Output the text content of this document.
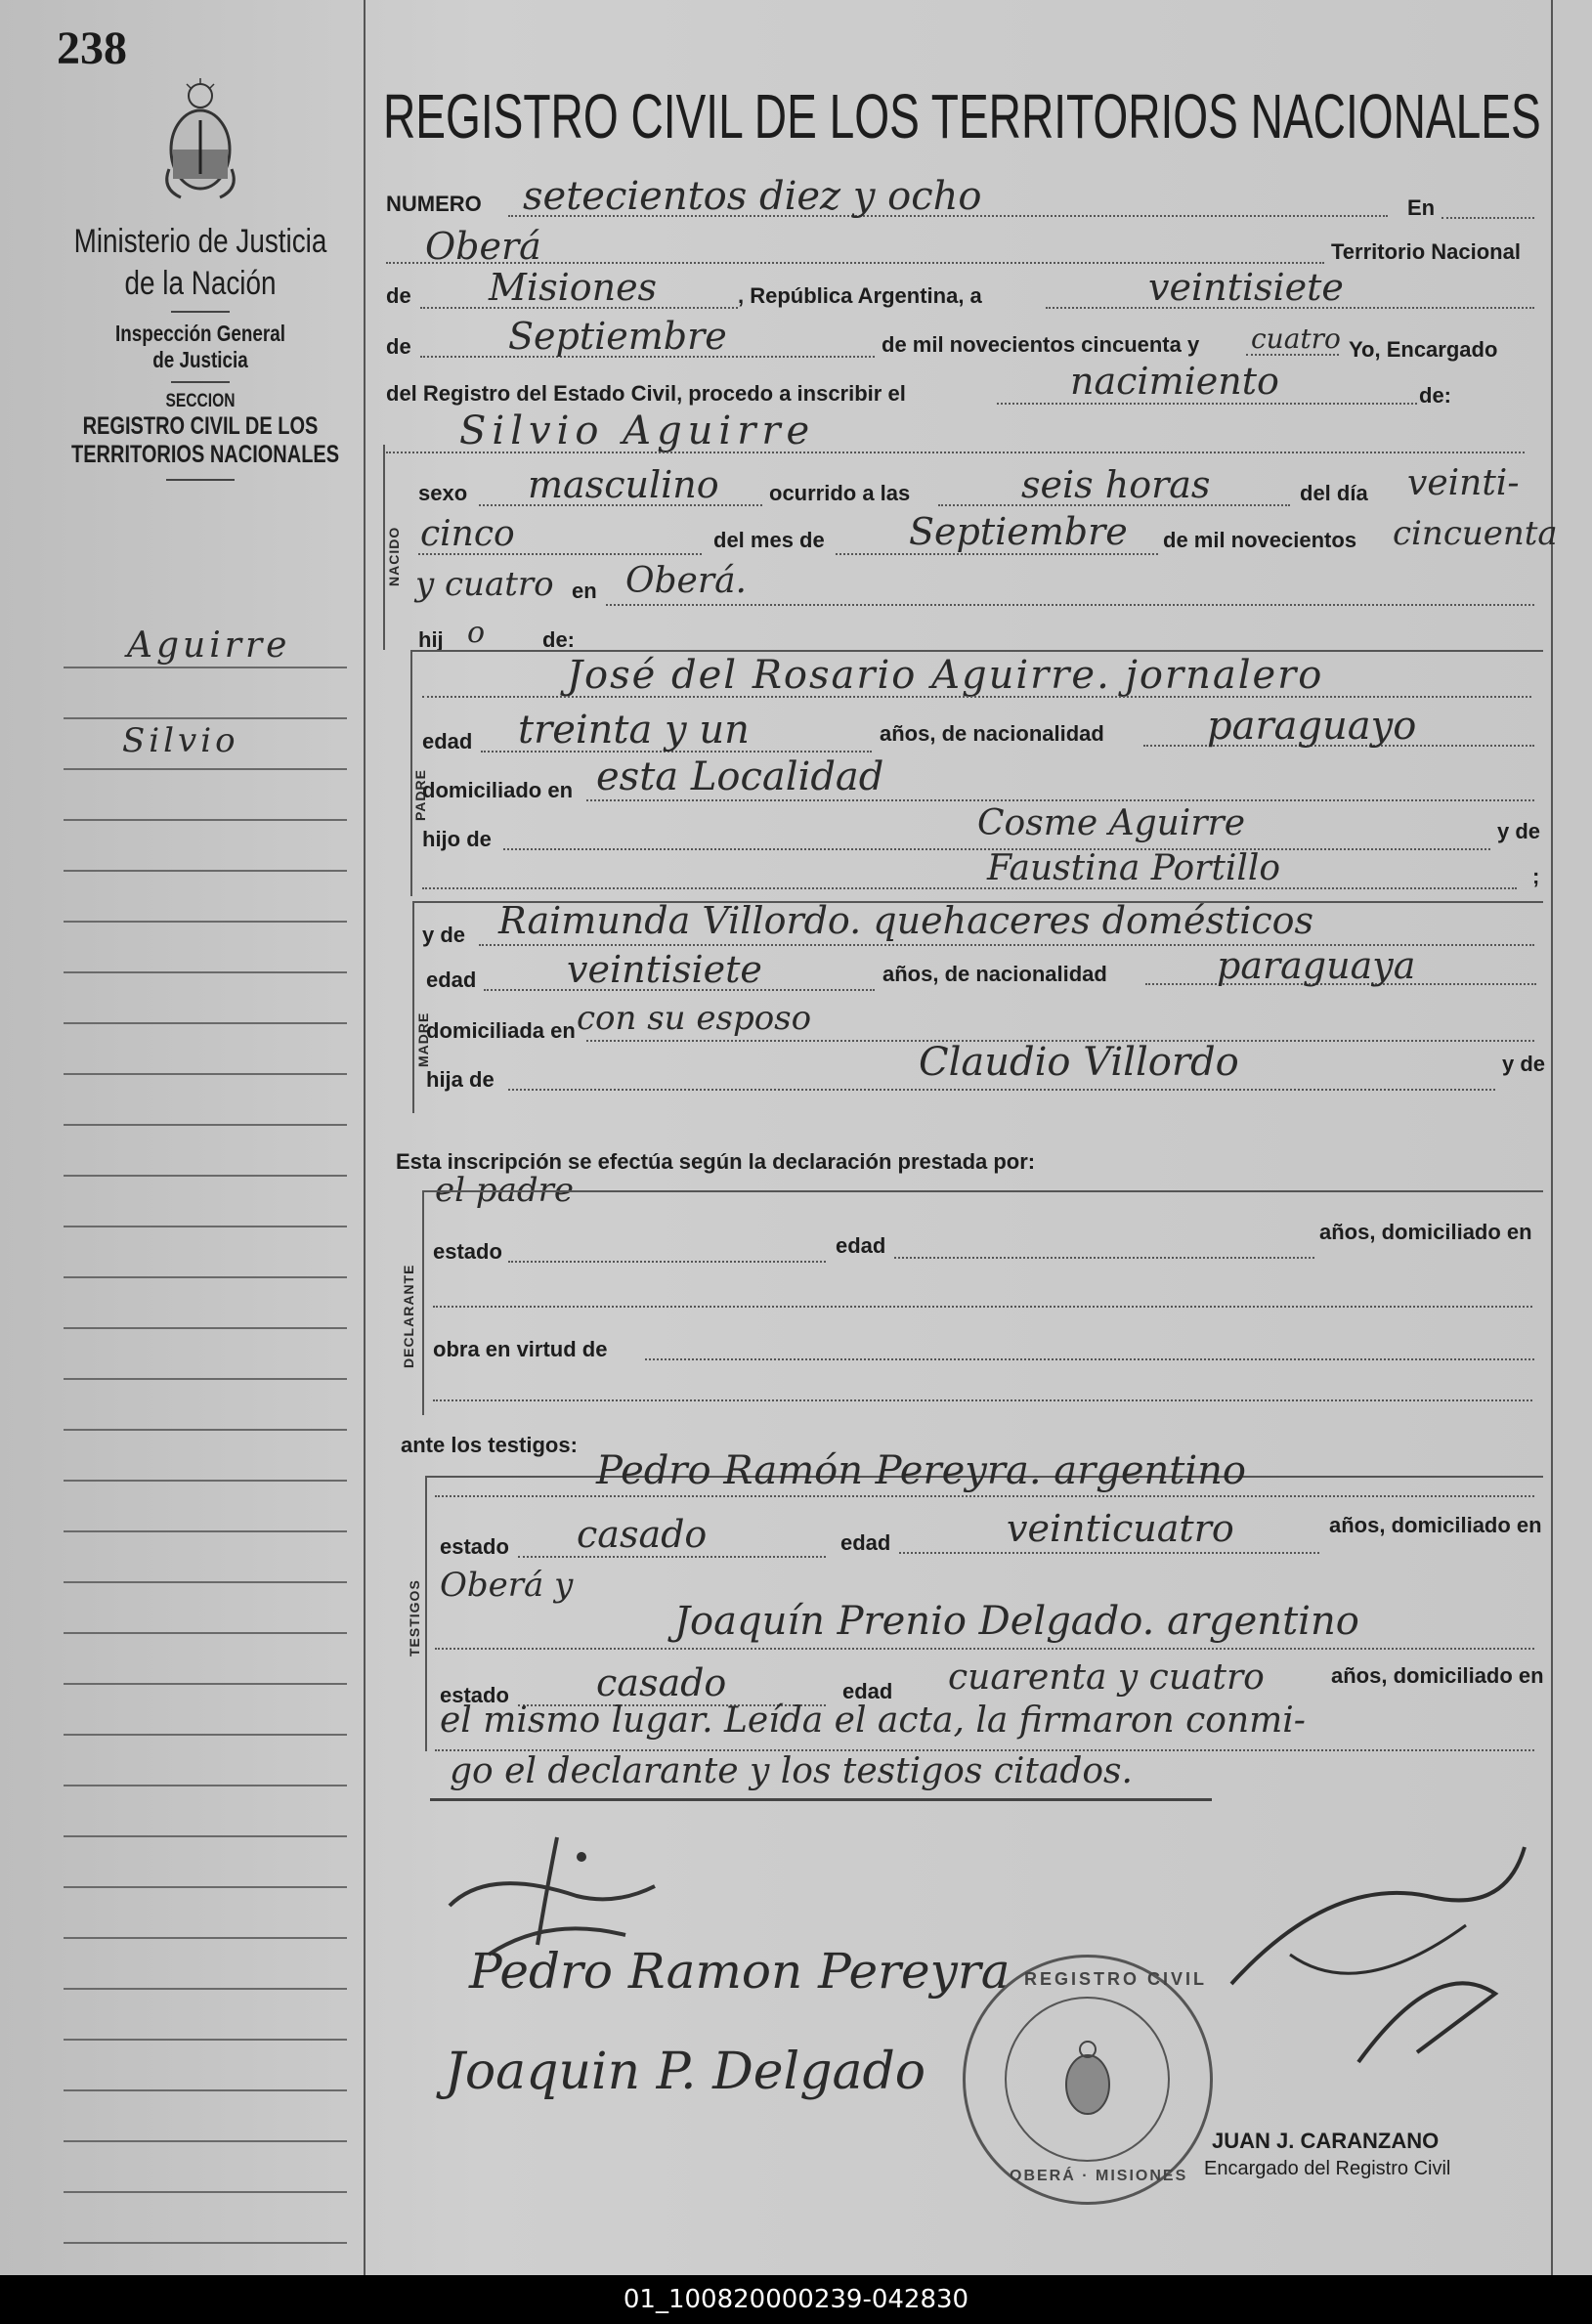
238
Ministerio de Justicia
de la Nación
Inspección General
de Justicia
SECCION
REGISTRO CIVIL DE LOS
TERRITORIOS NACIONALES
Aguirre
Silvio
REGISTRO CIVIL DE LOS TERRITORIOS NACIONALES
NUMERO setecientos diez y ocho	En
Oberá	Territorio Nacional
de Misiones	, República Argentina, a	veintisiete
de	Septiembre	de mil novecientos cincuenta y cuatro Yo, Encargado
del Registro del Estado Civil, procedo a inscribir el	nacimiento	de:
Silvio Aguirre
NACIDO
sexo masculino ocurrido a las	seis horas	del día veinti-
cinco	del mes de Septiembre de mil novecientos cincuenta
y cuatro en Oberá.
hij o	de:
PADRE
José del Rosario Aguirre. jornalero
edad treinta y un	años, de nacionalidad	paraguayo
domiciliado en esta Localidad
hijo de	Cosme Aguirre	y de
Faustina Portillo	;
MADRE
y de Raimunda Villordo. quehaceres domésticos
edad veintisiete	años, de nacionalidad	paraguaya
domiciliada en con su esposo
hija de	Claudio Villordo	y de
Esta inscripción se efectúa según la declaración prestada por:
el padre
DECLARANTE
estado	edad
años, domiciliado en
obra en virtud de
ante los testigos:
TESTIGOS
Pedro Ramón Pereyra. argentino
estado casado	edad	veinticuatro	años, domiciliado en
Oberá y
Joaquín Prenio Delgado. argentino
estado casado	edad cuarenta y cuatro	años, domiciliado en
el mismo lugar. Leída el acta, la firmaron conmi-
go el declarante y los testigos citados.
Pedro Ramon Pereyra
Joaquin P. Delgado
REGISTRO CIVIL
OBERÁ · MISIONES
JUAN J. CARANZANO
Encargado del Registro Civil
01_100820000239-042830
